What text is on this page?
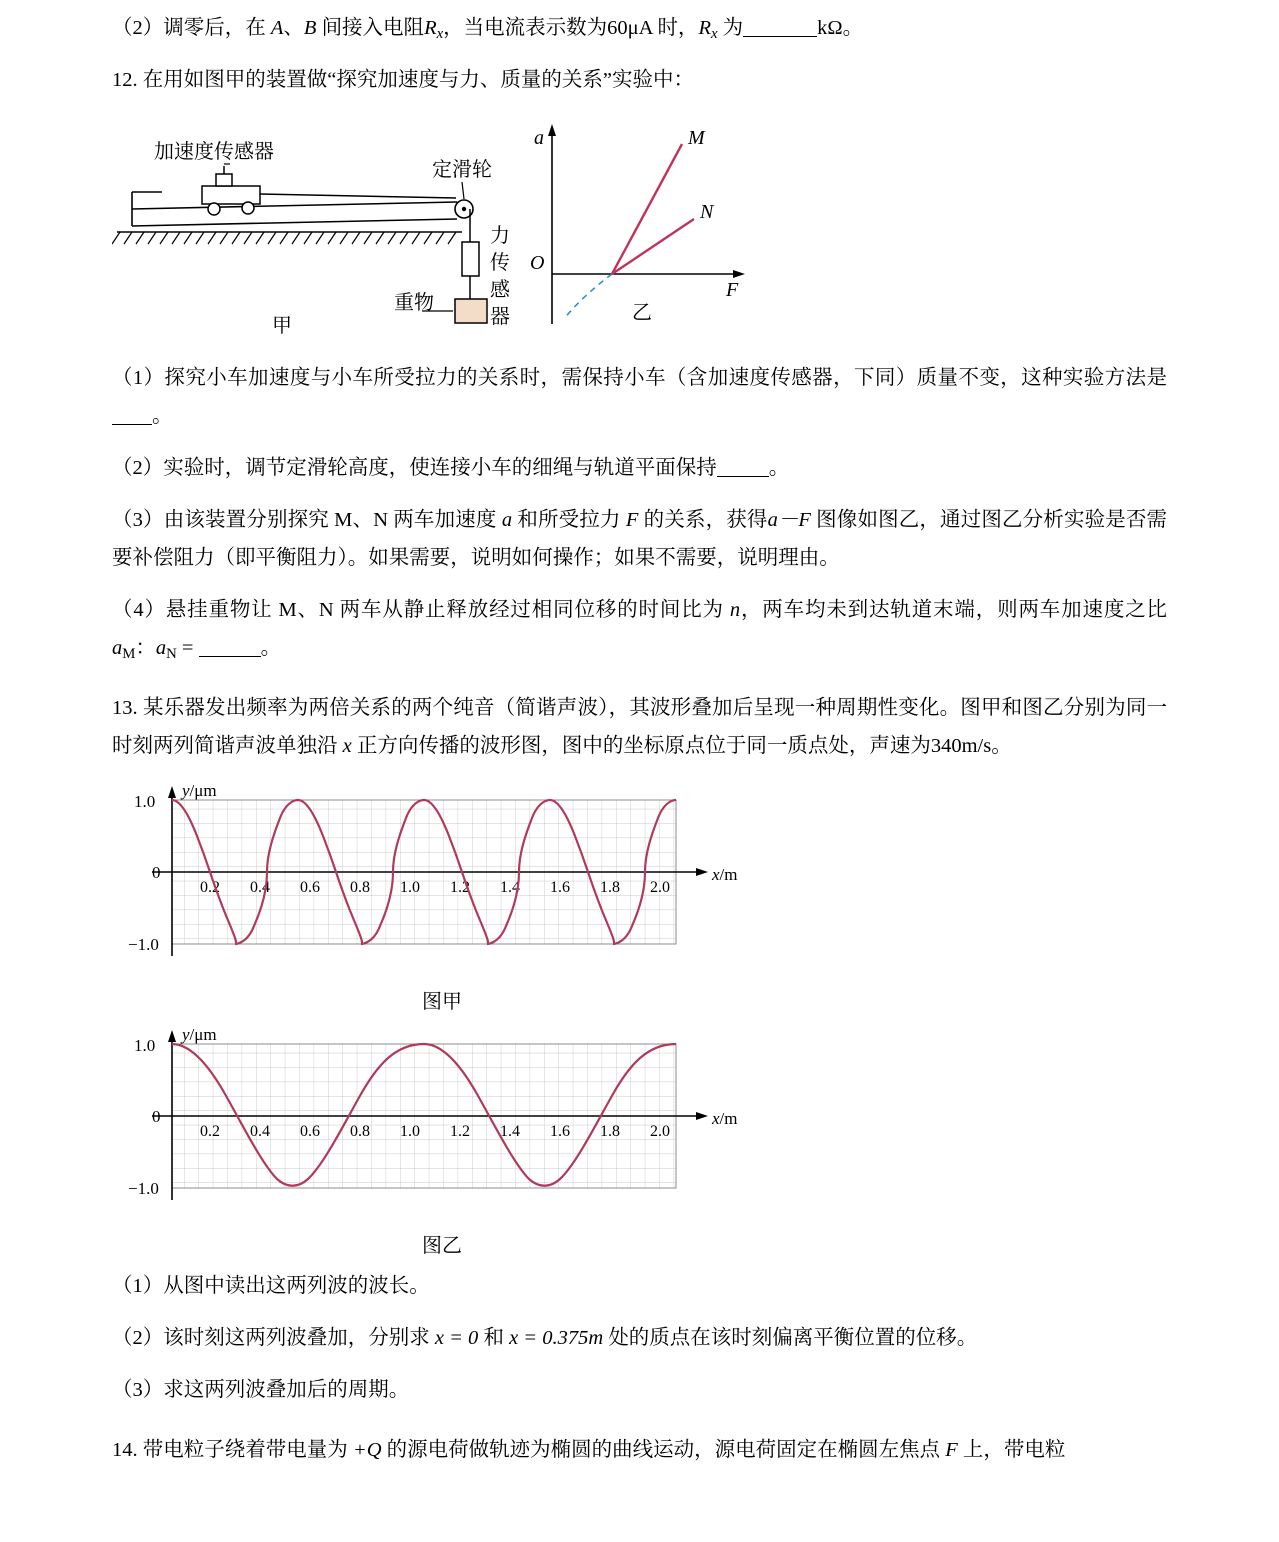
（2）调零后，在 A、B 间接入电阻$R_x$，当电流表示数为60μA 时，$R_x$ 为	kΩ。

12. 在用如图甲的装置做“探究加速度与力、质量的关系”实验中：

加速度传感器
定滑轮
重物
力
传
感
器
甲
a
F
O
M
N
乙

（1）探究小车加速度与小车所受拉力的关系时，需保持小车（含加速度传感器，下同）质量不变，这种实验方法是。

（2）实验时，调节定滑轮高度，使连接小车的细绳与轨道平面保持	。

（3）由该装置分别探究 M、N 两车加速度 a 和所受拉力 F 的关系，获得a－F 图像如图乙，通过图乙分析实验是否需要补偿阻力（即平衡阻力）。如果需要，说明如何操作；如果不需要，说明理由。

（4）悬挂重物让 M、N 两车从静止释放经过相同位移的时间比为 n，两车均未到达轨道末端，则两车加速度之比 $a_M$：$a_N$ =	。

13. 某乐器发出频率为两倍关系的两个纯音（简谐声波），其波形叠加后呈现一种周期性变化。图甲和图乙分别为同一时刻两列简谐声波单独沿 x 正方向传播的波形图，图中的坐标原点位于同一质点处，声速为340m/s。

y/μm
x/m
1.0
0
−1.0
0.2 0.4 0.6 0.8 1.0 1.2 1.4 1.6 1.8 2.0
图甲
y/μm
x/m
1.0
0
−1.0
0.2 0.4 0.6 0.8 1.0 1.2 1.4 1.6 1.8 2.0
图乙

（1）从图中读出这两列波的波长。

（2）该时刻这两列波叠加，分别求 x = 0 和 x = 0.375m 处的质点在该时刻偏离平衡位置的位移。

（3）求这两列波叠加后的周期。

14. 带电粒子绕着带电量为 +Q 的源电荷做轨迹为椭圆的曲线运动，源电荷固定在椭圆左焦点 F 上，带电粒
